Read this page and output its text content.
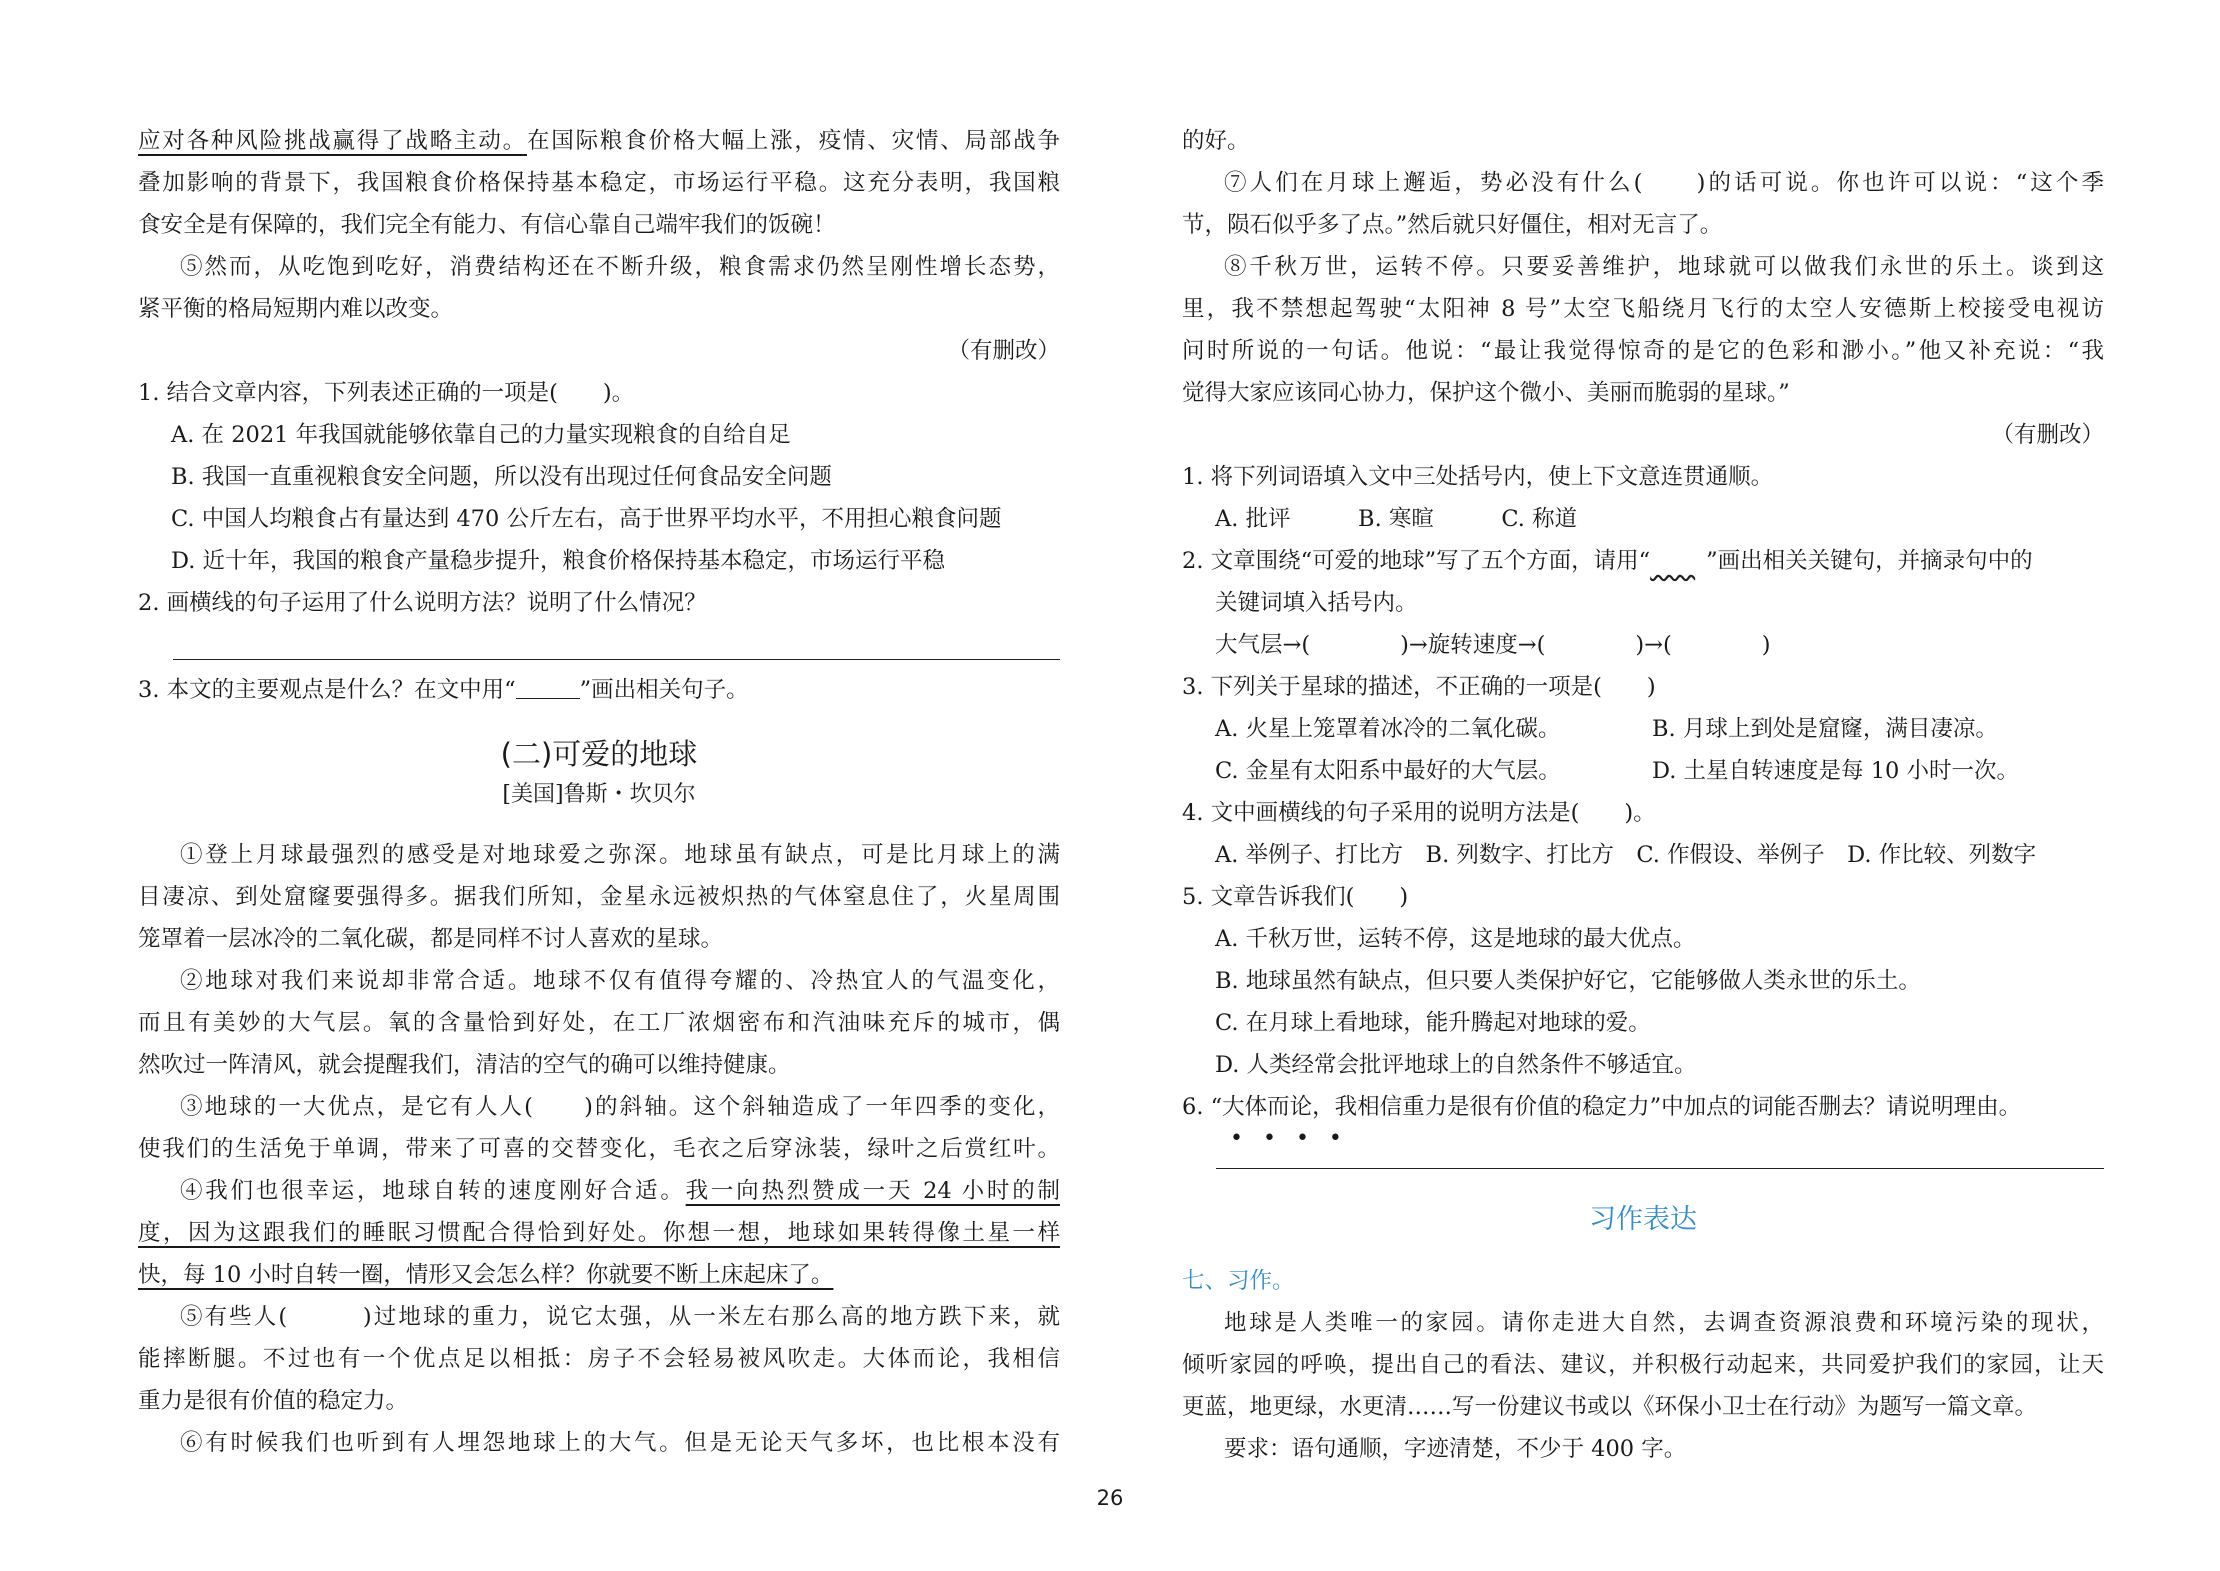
应对各种风险挑战赢得了战略主动。在国际粮食价格大幅上涨，疫情、灾情、局部战争
叠加影响的背景下，我国粮食价格保持基本稳定，市场运行平稳。这充分表明，我国粮
食安全是有保障的，我们完全有能力、有信心靠自己端牢我们的饭碗！
⑤然而，从吃饱到吃好，消费结构还在不断升级，粮食需求仍然呈刚性增长态势，
紧平衡的格局短期内难以改变。
（有删改）
1. 结合文章内容，下列表述正确的一项是(　　)。
A. 在 2021 年我国就能够依靠自己的力量实现粮食的自给自足
B. 我国一直重视粮食安全问题，所以没有出现过任何食品安全问题
C. 中国人均粮食占有量达到 470 公斤左右，高于世界平均水平，不用担心粮食问题
D. 近十年，我国的粮食产量稳步提升，粮食价格保持基本稳定，市场运行平稳
2. 画横线的句子运用了什么说明方法？说明了什么情况？
3. 本文的主要观点是什么？在文中用“	”画出相关句子。
(二)可爱的地球
[美国]鲁斯・坎贝尔
①登上月球最强烈的感受是对地球爱之弥深。地球虽有缺点，可是比月球上的满
目凄凉、到处窟窿要强得多。据我们所知，金星永远被炽热的气体窒息住了，火星周围
笼罩着一层冰冷的二氧化碳，都是同样不讨人喜欢的星球。
②地球对我们来说却非常合适。地球不仅有值得夸耀的、冷热宜人的气温变化，
而且有美妙的大气层。氧的含量恰到好处，在工厂浓烟密布和汽油味充斥的城市，偶
然吹过一阵清风，就会提醒我们，清洁的空气的确可以维持健康。
③地球的一大优点，是它有人人(　　)的斜轴。这个斜轴造成了一年四季的变化，
使我们的生活免于单调，带来了可喜的交替变化，毛衣之后穿泳装，绿叶之后赏红叶。
④我们也很幸运，地球自转的速度刚好合适。我一向热烈赞成一天 24 小时的制
度，因为这跟我们的睡眠习惯配合得恰到好处。你想一想，地球如果转得像土星一样
快，每 10 小时自转一圈，情形又会怎么样？你就要不断上床起床了。
⑤有些人(　　　)过地球的重力，说它太强，从一米左右那么高的地方跌下来，就
能摔断腿。不过也有一个优点足以相抵：房子不会轻易被风吹走。大体而论，我相信
重力是很有价值的稳定力。
⑥有时候我们也听到有人埋怨地球上的大气。但是无论天气多坏，也比根本没有
的好。
⑦人们在月球上邂逅，势必没有什么(　　)的话可说。你也许可以说：“这个季
节，陨石似乎多了点。”然后就只好僵住，相对无言了。
⑧千秋万世，运转不停。只要妥善维护，地球就可以做我们永世的乐土。谈到这
里，我不禁想起驾驶“太阳神 8 号”太空飞船绕月飞行的太空人安德斯上校接受电视访
问时所说的一句话。他说：“最让我觉得惊奇的是它的色彩和渺小。”他又补充说：“我
觉得大家应该同心协力，保护这个微小、美丽而脆弱的星球。”
（有删改）
1. 将下列词语填入文中三处括号内，使上下文意连贯通顺。
A. 批评　　　B. 寒暄　　　C. 称道
2. 文章围绕“可爱的地球”写了五个方面，请用“ ”画出相关关键句，并摘录句中的
关键词填入括号内。
大气层→(　　　　)→旋转速度→(　　　　)→(　　　　)
3. 下列关于星球的描述，不正确的一项是(　　)
A. 火星上笼罩着冰冷的二氧化碳。	B. 月球上到处是窟窿，满目凄凉。
C. 金星有太阳系中最好的大气层。	D. 土星自转速度是每 10 小时一次。
4. 文中画横线的句子采用的说明方法是(　　)。
A. 举例子、打比方　B. 列数字、打比方　C. 作假设、举例子　D. 作比较、列数字
5. 文章告诉我们(　　)
A. 千秋万世，运转不停，这是地球的最大优点。
B. 地球虽然有缺点，但只要人类保护好它，它能够做人类永世的乐土。
C. 在月球上看地球，能升腾起对地球的爱。
D. 人类经常会批评地球上的自然条件不够适宜。
6. “大体而论，我相信重力是很有价值的稳定力”中加点的词能否删去？请说明理由。
••••
习作表达
七、习作。
地球是人类唯一的家园。请你走进大自然，去调查资源浪费和环境污染的现状，
倾听家园的呼唤，提出自己的看法、建议，并积极行动起来，共同爱护我们的家园，让天
更蓝，地更绿，水更清……写一份建议书或以《环保小卫士在行动》为题写一篇文章。
要求：语句通顺，字迹清楚，不少于 400 字。
26
